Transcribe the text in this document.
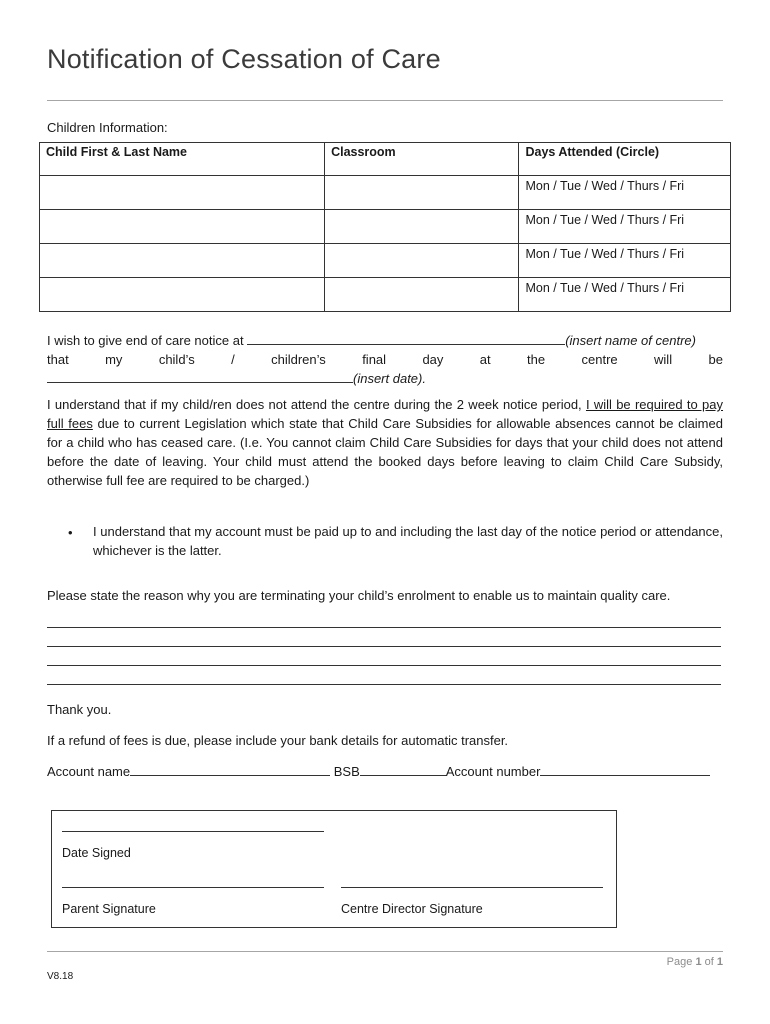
Notification of Cessation of Care
Children Information:
Child First & Last Name	Classroom	Days Attended (Circle)
		Mon / Tue / Wed / Thurs / Fri
		Mon / Tue / Wed / Thurs / Fri
		Mon / Tue / Wed / Thurs / Fri
		Mon / Tue / Wed / Thurs / Fri
I wish to give end of care notice at	(insert name of centre)
that	my	child’s	/	children’s	final	day	at	the	centre	will	be
(insert date).
I understand that if my child/ren does not attend the centre during the 2 week notice period, I will be required to pay full fees due to current Legislation which state that Child Care Subsidies for allowable absences cannot be claimed for a child who has ceased care. (I.e. You cannot claim Child Care Subsidies for days that your child does not attend before the date of leaving. Your child must attend the booked days before leaving to claim Child Care Subsidy, otherwise full fee are required to be charged.)
• I understand that my account must be paid up to and including the last day of the notice period or attendance, whichever is the latter.
Please state the reason why you are terminating your child’s enrolment to enable us to maintain quality care.
Thank you.
If a refund of fees is due, please include your bank details for automatic transfer.
Account name	BSB	Account number
Date Signed
Parent Signature	Centre Director Signature
Page 1 of 1
V8.18
